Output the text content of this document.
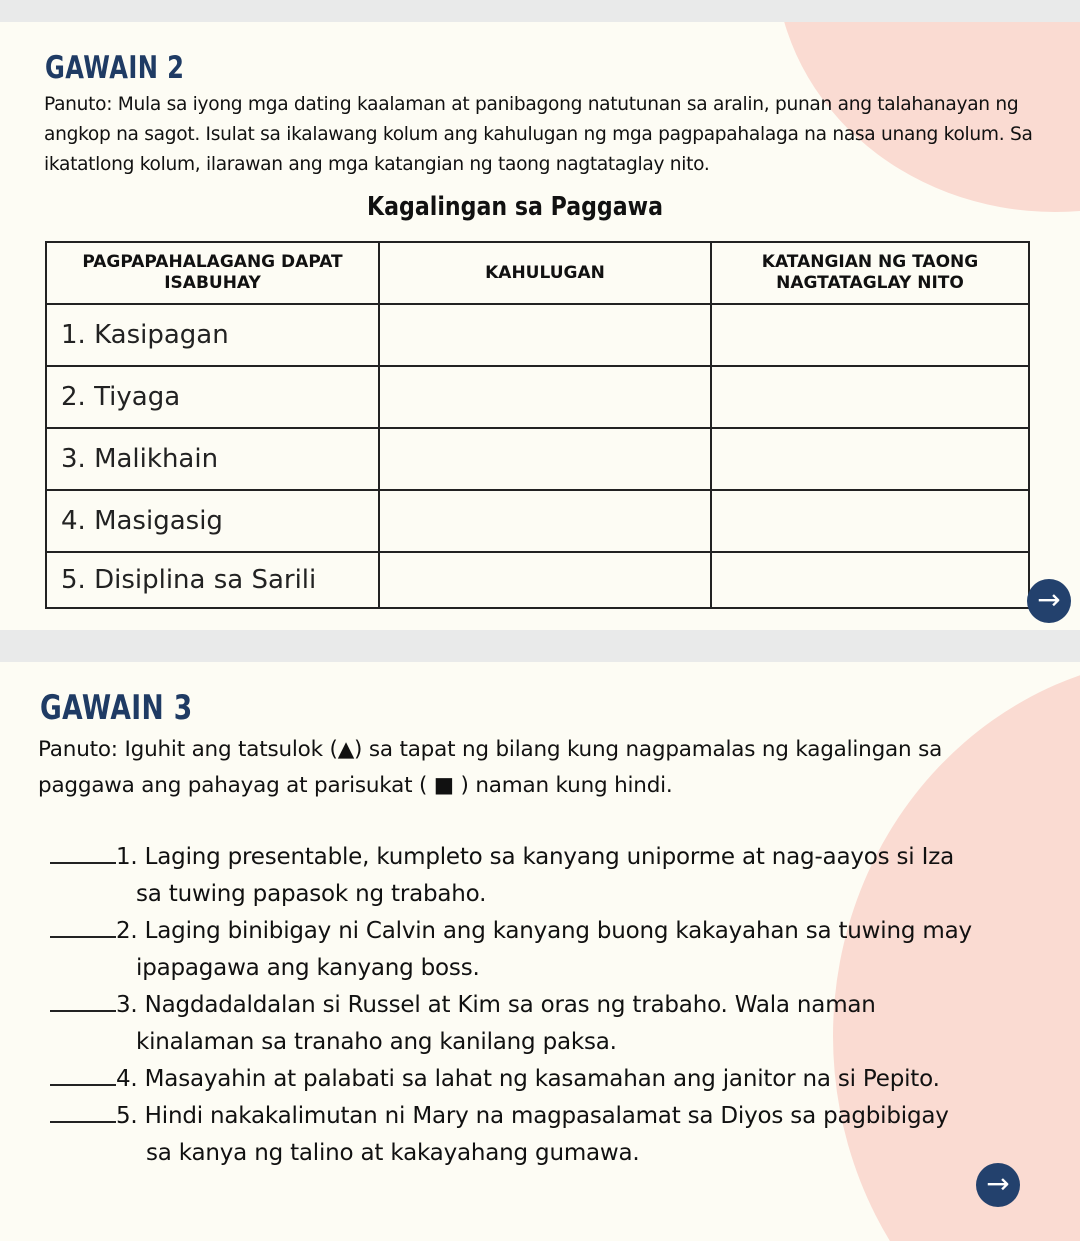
GAWAIN 2

Panuto: Mula sa iyong mga dating kaalaman at panibagong natutunan sa aralin, punan ang talahanayan ng angkop na sagot. Isulat sa ikalawang kolum ang kahulugan ng mga pagpapahalaga na nasa unang kolum. Sa ikatatlong kolum, ilarawan ang mga katangian ng taong nagtataglay nito.

Kagalingan sa Paggawa
PAGPAPAHALAGANG DAPAT ISABUHAY	KAHULUGAN	KATANGIAN NG TAONG NAGTATAGLAY NITO
1. Kasipagan		
2. Tiyaga		
3. Malikhain		
4. Masigasig		
5. Disiplina sa Sarili		
→
GAWAIN 3

Panuto: Iguhit ang tatsulok (▲) sa tapat ng bilang kung nagpamalas ng kagalingan sa paggawa ang pahayag at parisukat ( ■ ) naman kung hindi.

1. Laging presentable, kumpleto sa kanyang uniporme at nag-aayos si Iza
sa tuwing papasok ng trabaho.
2. Laging binibigay ni Calvin ang kanyang buong kakayahan sa tuwing may
ipapagawa ang kanyang boss.
3. Nagdadaldalan si Russel at Kim sa oras ng trabaho. Wala naman
kinalaman sa tranaho ang kanilang paksa.
4. Masayahin at palabati sa lahat ng kasamahan ang janitor na si Pepito.
5. Hindi nakakalimutan ni Mary na magpasalamat sa Diyos sa pagbibigay
sa kanya ng talino at kakayahang gumawa.
→
